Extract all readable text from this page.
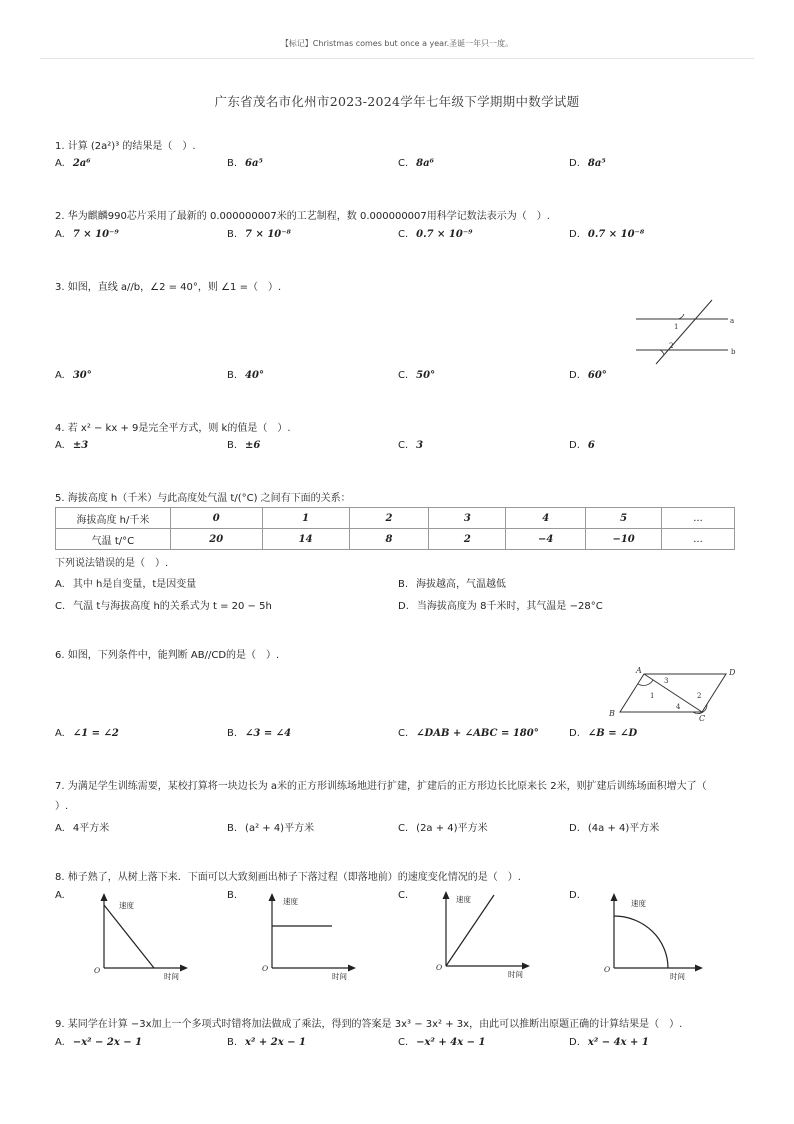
【标记】Christmas comes but once a year.圣诞一年只一度。
广东省茂名市化州市2023-2024学年七年级下学期期中数学试题
1. 计算 (2a²)³ 的结果是（　）.
A. 2a⁶	B. 6a⁵	C. 8a⁶	D. 8a⁵
2. 华为麒麟990芯片采用了最新的 0.000000007米的工艺制程，数 0.000000007用科学记数法表示为（　）.
A. 7 × 10⁻⁹	B. 7 × 10⁻⁸	C. 0.7 × 10⁻⁹	D. 0.7 × 10⁻⁸
3. 如图，直线 a//b，∠2 = 40°，则 ∠1 =（　）.
a
b
1
2
A. 30°	B. 40°	C. 50°	D. 60°
4. 若 x² − kx + 9是完全平方式，则 k的值是（　）.
A. ±3	B. ±6	C. 3	D. 6
5. 海拔高度 h（千米）与此高度处气温 t/(°C) 之间有下面的关系：
海拔高度 h/千米	0	1	2	3	4	5	...
气温 t/°C	20	14	8	2	−4	−10	...
下列说法错误的是（　）.
A. 其中 h是自变量，t是因变量	B. 海拔越高，气温越低
C. 气温 t与海拔高度 h的关系式为 t = 20 − 5h	D. 当海拔高度为 8千米时，其气温是 −28°C
6. 如图，下列条件中，能判断 AB//CD的是（　）.
A	D
B
C
1	2
3
4
A. ∠1 = ∠2	B. ∠3 = ∠4	C. ∠DAB + ∠ABC = 180°	D. ∠B = ∠D
7. 为满足学生训练需要，某校打算将一块边长为 a米的正方形训练场地进行扩建，扩建后的正方形边长比原来长 2米，则扩建后训练场面积增大了（
）.
A. 4平方米	B. (a² + 4)平方米	C. (2a + 4)平方米	D. (4a + 4)平方米
8. 柿子熟了，从树上落下来．下面可以大致刻画出柿子下落过程（即落地前）的速度变化情况的是（　）.
A.
速度
时间
O
B.
速度
时间
O
C.	速度
时间
O
D.
速度
时间
O
9. 某同学在计算 −3x加上一个多项式时错将加法做成了乘法，得到的答案是 3x³ − 3x² + 3x，由此可以推断出原题正确的计算结果是（　）.
A. −x² − 2x − 1	B. x² + 2x − 1	C. −x² + 4x − 1	D. x² − 4x + 1
